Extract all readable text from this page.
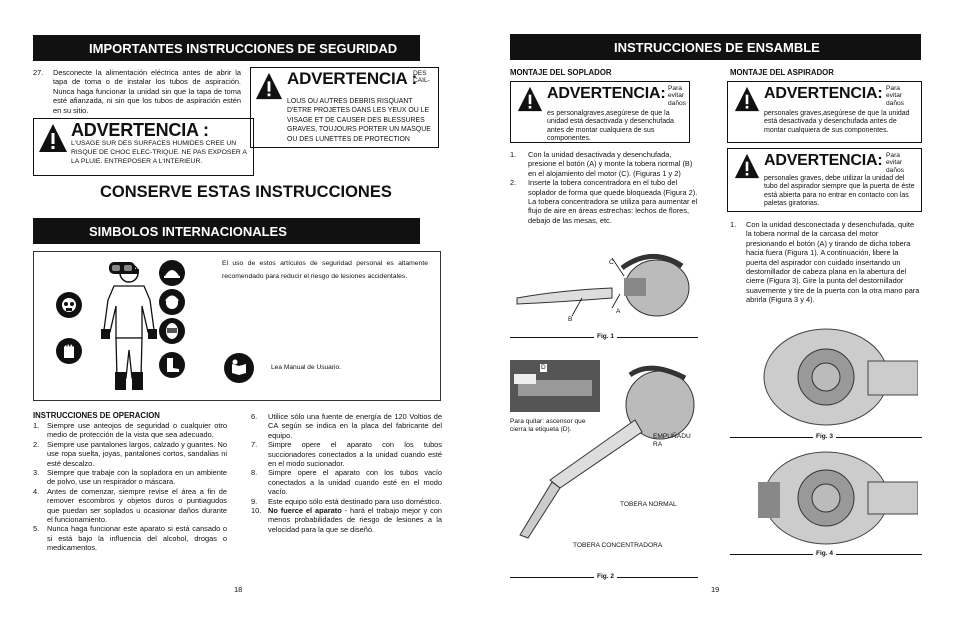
IMPORTANTES INSTRUCCIONES DE SEGURIDAD
27. Desconecte la alimentación eléctrica antes de abrir la tapa de toma o de instalar los tubos de aspiración. Nunca haga funcionar la unidad sin que la tapa de toma esté afianzada, ni sin que los tubos de aspiración estén en su sitio.
ADVERTENCIA :
L'USAGE SUR DES SURFACES HUMIDES CREE UN RISQUE DE CHOC ELEC-TRIQUE. NE PAS EXPOSER A LA PLUIE. ENTREPOSER A L'INTERIEUR.
ADVERTENCIA :
DES CAIL-
LOUS OU AUTRES DEBRIS RISQUANT D'ETRE PROJETES DANS LES YEUX OU LE VISAGE ET DE CAUSER DES BLESSURES GRAVES, TOUJOURS PORTER UN MASQUE OU DES LUNETTES DE PROTECTION
CONSERVE ESTAS INSTRUCCIONES
SIMBOLOS INTERNACIONALES
El uso de estos artículos de seguridad personal es altamente recomendado para reducir el riesgo de lesiones accidentales.
Lea Manual de Usuario.
INSTRUCCIONES DE OPERACION
1. Siempre use anteojos de seguridad o cualquier otro medio de protección de la vista que sea adecuado.
2. Siempre use pantalones largos, calzado y guantes. No use ropa suelta, joyas, pantalones cortos, sandalias ni esté descalzo.
3. Siempre que trabaje con la sopladora en un ambiente de polvo, use un respirador o máscara.
4. Antes de comenzar, siempre revise el área a fin de remover escombros y objetos duros o puntiagudos que puedan ser soplados u ocasionar daños durante el funcionamiento.
5. Nunca haga funcionar este aparato si está cansado o si está bajo la influencia del alcohol, drogas o medicamentos.
6. Utilice sólo una fuente de energía de 120 Voltios de CA según se indica en la placa del fabricante del equipo.
7. Simpre opere el aparato con los tubos succionadores conectados a la unidad cuando esté en el modo sucionador.
8. Simpre opere el aparato con los tubos vacío conectados a la unidad cuando esté en el modo vacío.
9. Este equipo sólo está destinado para uso doméstico.
10. No fuerce el aparato - hará el trabajo mejor y con menos probabilidades de riesgo de lesiones a la velocidad para la que se diseñó.
18
INSTRUCCIONES DE ENSAMBLE
MONTAJE DEL SOPLADOR	MONTAJE DEL ASPIRADOR
ADVERTENCIA: Para evitar daños
es personalgraves,asegúrese de que la unidad está desactivada y desenchufada antes de montar cualquiera de sus componentes.
ADVERTENCIA: Para evitar daños
personales graves,asegúrese de que la unidad está desactivada y desenchufada antes de montar cualquiera de sus componentes.
ADVERTENCIA: Para evitar daños
personales graves, debe utilizar la unidad del tubo del aspirador siempre que la puerta de éste está abierta para no entrar en contacto con las paletas giratorias.
1. Con la unidad desactivada y desenchufada, presione el botón (A) y monte la tobera normal (B) en el alojamiento del motor (C). (Figuras 1 y 2)
2. Inserte la tobera concentradora en el tubo del soplador de forma que quede bloqueada (Figura 2). La tobera concentradora se utiliza para aumentar el flujo de aire en áreas estrechas: lechos de flores, debajo de las mesas, etc.	1. Con la unidad desconectada y desenchufada, quite la tobera normal de la carcasa del motor presionando el botón (A) y tirando de dicha tobera hacia fuera (Figura 1). A continuación, libere la puerta del aspirador con cuidado insertando un destornillador de cabeza plana en la abertura del cierre (Figura 3). Gire la punta del destornillador suavemente y tire de la puerta con la otra mano para abrirla (Figura 3 y 4).
C
A
B
Fig. 1
D
Para quitar: ascensor que cierra la etiqueta (D).
EMPUÑADU RA
TOBERA NORMAL
TOBERA CONCENTRADORA
Fig. 2
19
Fig. 3
Fig. 4
